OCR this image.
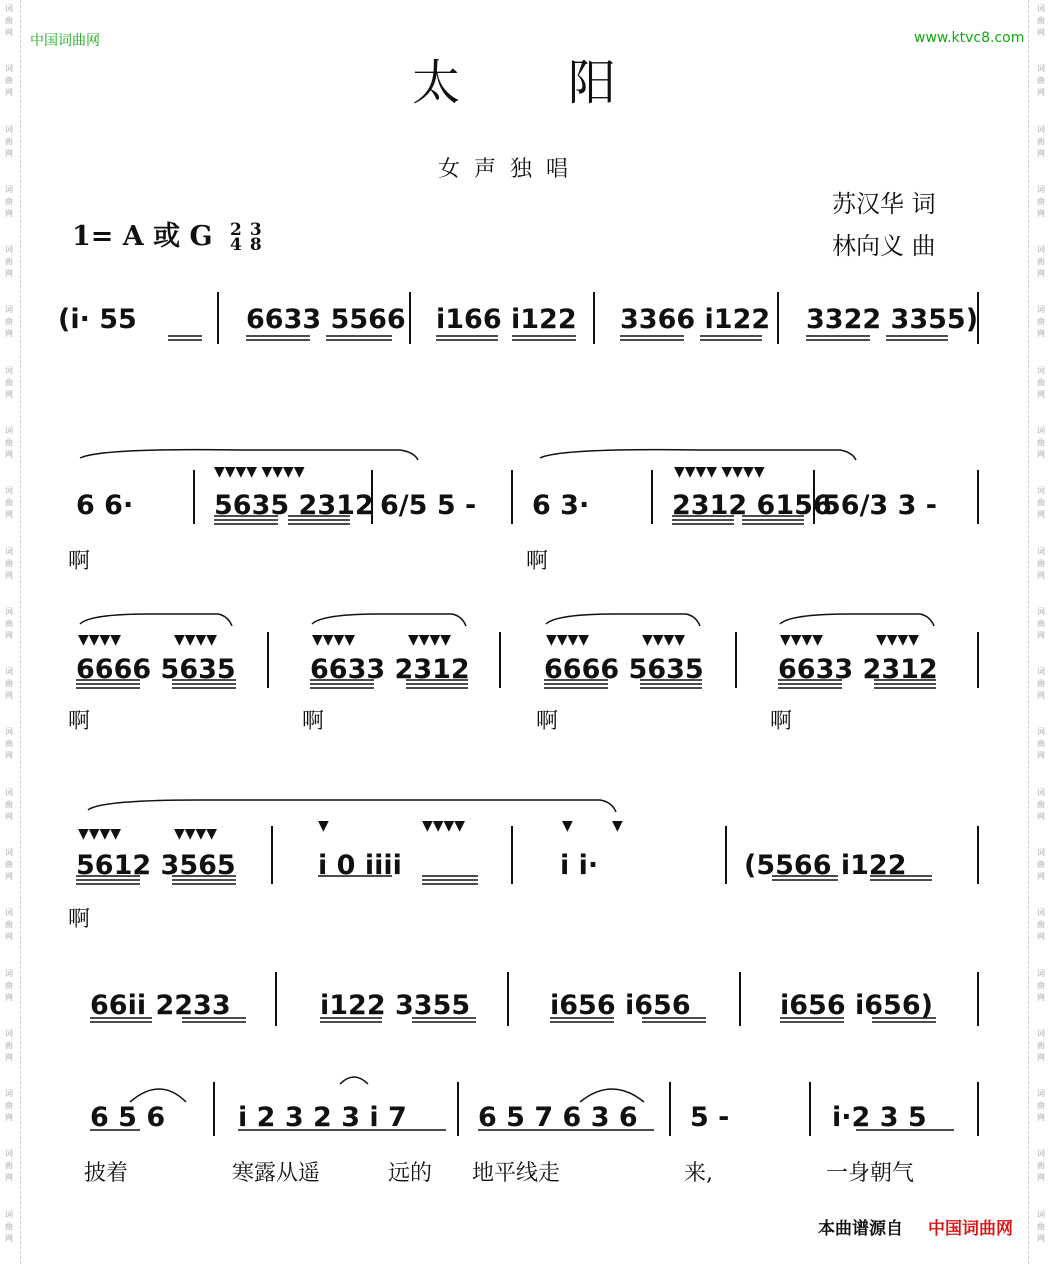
词
曲
网

词
曲
网

词
曲
网

词
曲
网

词
曲
网

词
曲
网

词
曲
网

词
曲
网

词
曲
网

词
曲
网

词
曲
网

词
曲
网

词
曲
网

词
曲
网

词
曲
网

词
曲
网

词
曲
网

词
曲
网

词
曲
网

词
曲
网

词
曲
网

词
曲
网

词
曲
网

词
曲
网

词
曲
网

词
曲
网

词
曲
网

词
曲
网

词
曲
网

词
曲
网

词
曲
网

词
曲
网

词
曲
网

词
曲
网

词
曲
网

词
曲
网

词
曲
网

词
曲
网

词
曲
网

词
曲
网

词
曲
网

词
曲
网

中国词曲网	www.ktvc8.com
太阳
女声独唱
1= A 或 G 2
4
3
8
苏汉华 词
林向义 曲
(i· 55	6633 5566 i166 i122 3366 i122 3322 3355)
▼▼▼▼ ▼▼▼▼	▼▼▼▼ ▼▼▼▼
6 6·	5635 2312 6/5 5 - 6 3·	2312 6156
56/3 3 -
啊	啊
▼▼▼▼	▼▼▼▼	▼▼▼▼	▼▼▼▼	▼▼▼▼	▼▼▼▼	▼▼▼▼	▼▼▼▼
6666 5635	6633 2312	6666 5635	6633 2312
啊	啊	啊	啊
▼▼▼▼	▼▼▼▼	▼	▼▼▼▼	▼	▼
5612 3565	i 0 iiii	i i·	(5566 i122
啊
66ii 2233	i122 3355	i656 i656	i656 i656)
6 5 6	i 2 3 2 3 i 7	6 5 7 6 3 6 5 -	i·2 3 5
披着	寒露从遥	远的 地平线走	来,	一身朝气
本曲谱源自 中国词曲网
